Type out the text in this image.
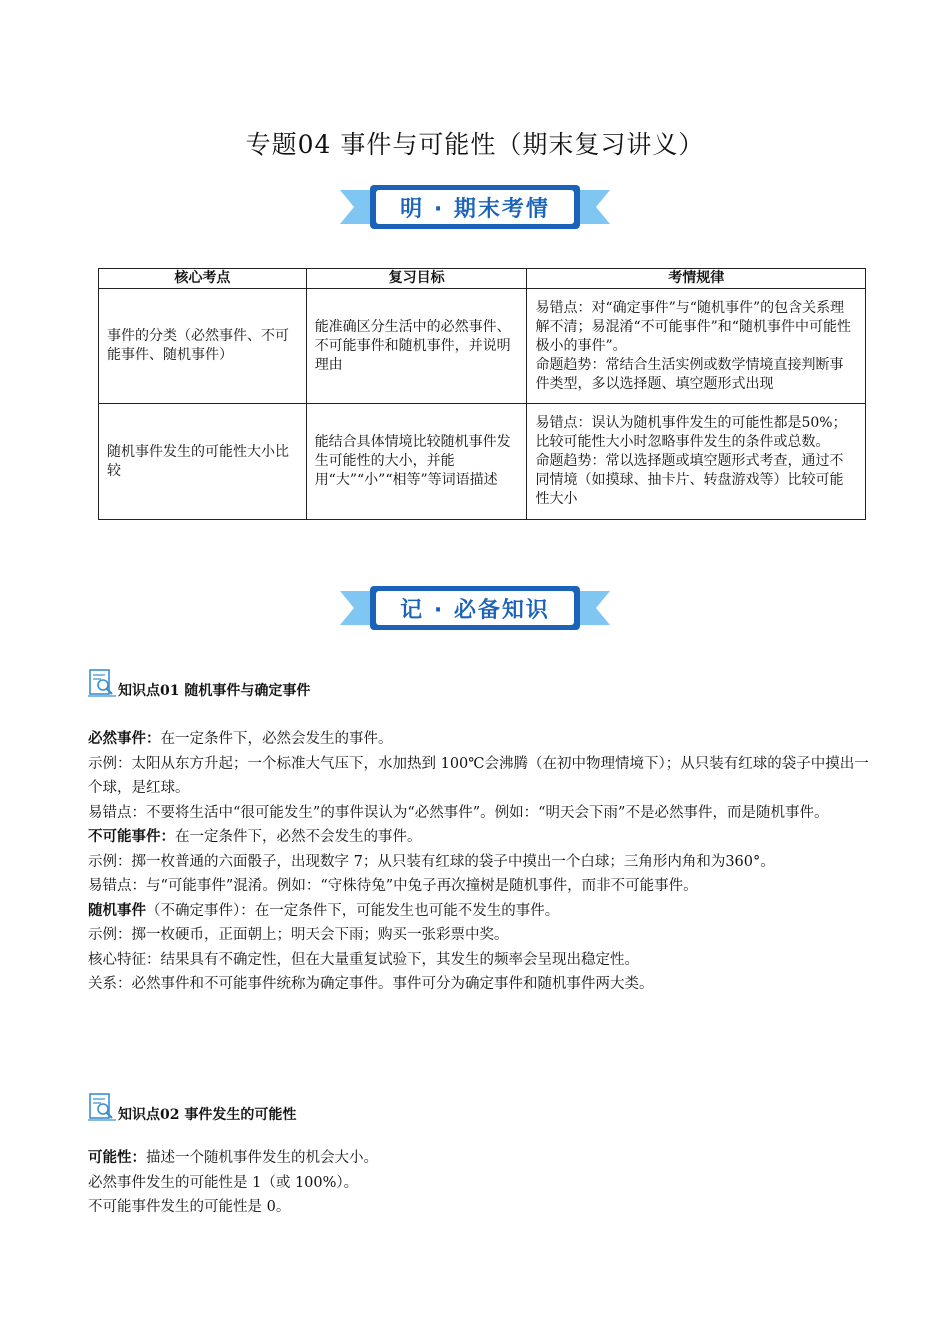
专题04 事件与可能性（期末复习讲义）
明 · 期末考情
核心考点	复习目标	考情规律
事件的分类（必然事件、不可能事件、随机事件）	能准确区分生活中的必然事件、不可能事件和随机事件，并说明理由	易错点：对“确定事件”与“随机事件”的包含关系理解不清；易混淆“不可能事件”和“随机事件中可能性极小的事件”。
命题趋势：常结合生活实例或数学情境直接判断事件类型，多以选择题、填空题形式出现

随机事件发生的可能性大小比较	能结合具体情境比较随机事件发生可能性的大小，并能用“大”“小”“相等”等词语描述	易错点：误认为随机事件发生的可能性都是50%；比较可能性大小时忽略事件发生的条件或总数。
命题趋势：常以选择题或填空题形式考查，通过不同情境（如摸球、抽卡片、转盘游戏等）比较可能性大小
记 · 必备知识
知识点01 随机事件与确定事件

必然事件：在一定条件下，必然会发生的事件。

示例：太阳从东方升起；一个标准大气压下，水加热到 100℃会沸腾（在初中物理情境下）；从只装有红球的袋子中摸出一个球，是红球。

易错点：不要将生活中“很可能发生”的事件误认为“必然事件”。例如：“明天会下雨”不是必然事件，而是随机事件。

不可能事件：在一定条件下，必然不会发生的事件。

示例：掷一枚普通的六面骰子，出现数字 7；从只装有红球的袋子中摸出一个白球；三角形内角和为360°。

易错点：与“可能事件”混淆。例如：“守株待兔”中兔子再次撞树是随机事件，而非不可能事件。

随机事件（不确定事件）：在一定条件下，可能发生也可能不发生的事件。

示例：掷一枚硬币，正面朝上；明天会下雨；购买一张彩票中奖。

核心特征：结果具有不确定性，但在大量重复试验下，其发生的频率会呈现出稳定性。

关系：必然事件和不可能事件统称为确定事件。事件可分为确定事件和随机事件两大类。

知识点02 事件发生的可能性

可能性：描述一个随机事件发生的机会大小。

必然事件发生的可能性是 1（或 100%）。

不可能事件发生的可能性是 0。
